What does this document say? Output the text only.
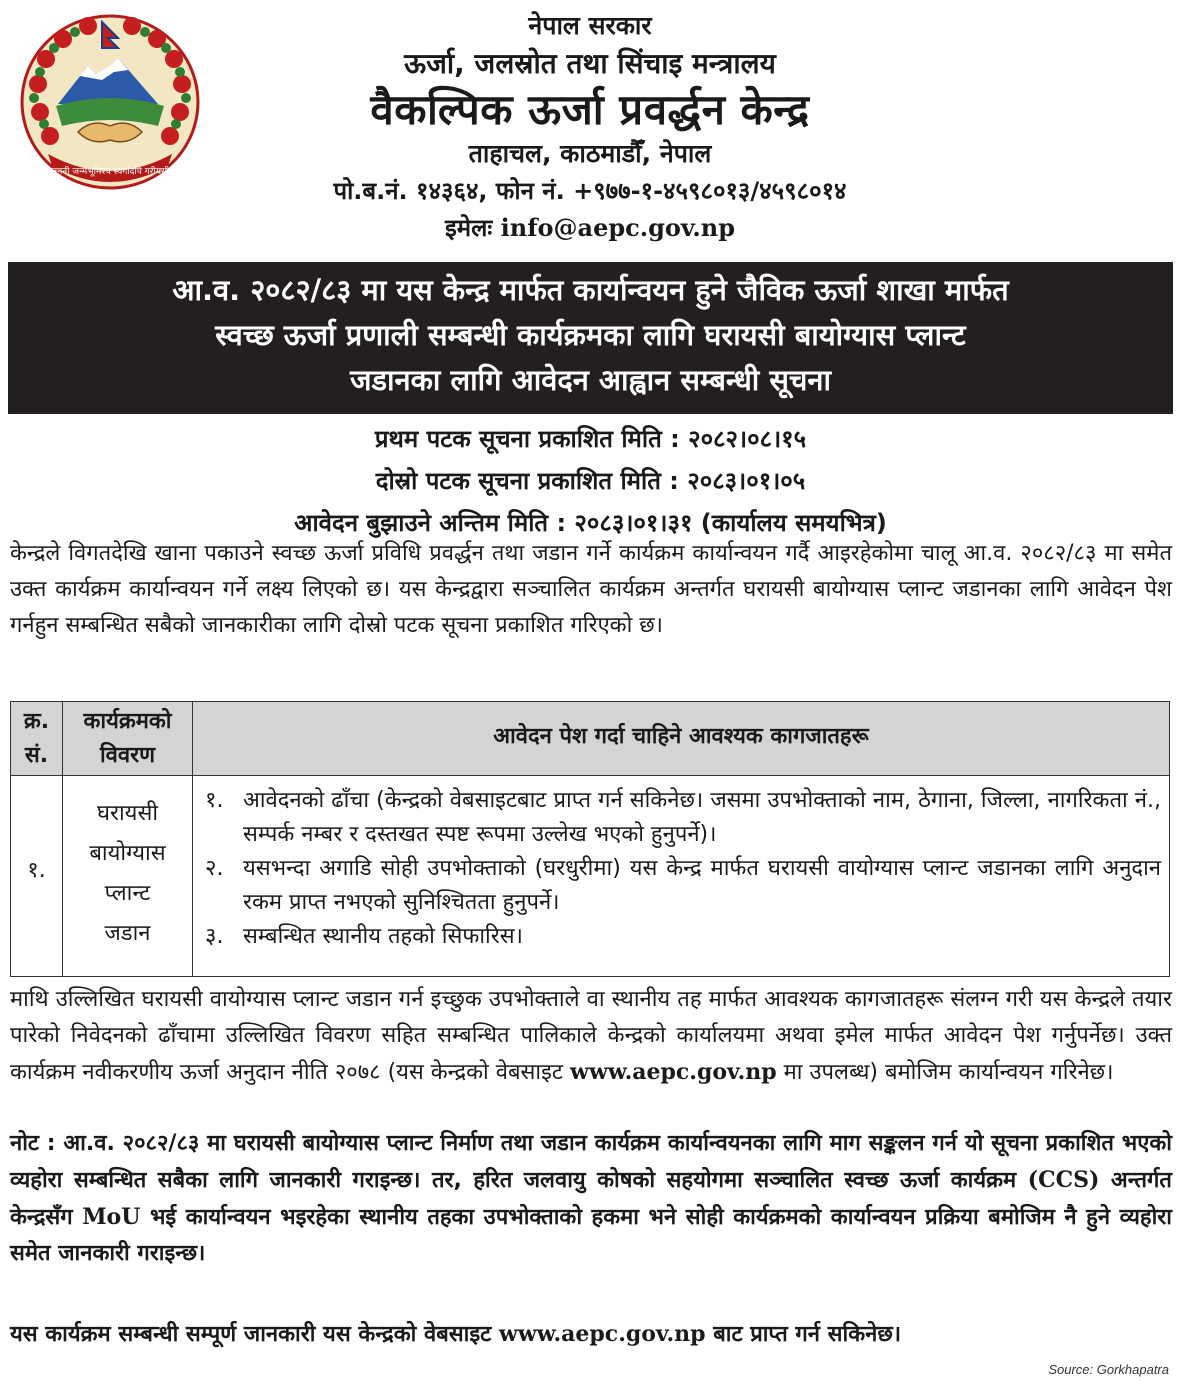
जननी जन्मभूमिश्च स्वर्गादपि गरीयसी
नेपाल सरकार
ऊर्जा, जलस्रोत तथा सिंचाइ मन्त्रालय
वैकल्पिक ऊर्जा प्रवर्द्धन केन्द्र
ताहाचल, काठमाडौँ, नेपाल
पो.ब.नं. १४३६४, फोन नं. +९७७-१-४५९८०१३/४५९८०१४
इमेलः info@aepc.gov.np
आ.व. २०८२/८३ मा यस केन्द्र मार्फत कार्यान्वयन हुने जैविक ऊर्जा शाखा मार्फत
स्वच्छ ऊर्जा प्रणाली सम्बन्धी कार्यक्रमका लागि घरायसी बायोग्यास प्लान्ट
जडानका लागि आवेदन आह्वान सम्बन्धी सूचना
प्रथम पटक सूचना प्रकाशित मिति : २०८२।०८।१५
दोस्रो पटक सूचना प्रकाशित मिति : २०८३।०१।०५
आवेदन बुझाउने अन्तिम मिति : २०८३।०१।३१ (कार्यालय समयभित्र)
केन्द्रले विगतदेखि खाना पकाउने स्वच्छ ऊर्जा प्रविधि प्रवर्द्धन तथा जडान गर्ने कार्यक्रम कार्यान्वयन गर्दै आइरहेकोमा चालू आ.व. २०८२/८३ मा समेत उक्त कार्यक्रम कार्यान्वयन गर्ने लक्ष्य लिएको छ। यस केन्द्रद्वारा सञ्चालित कार्यक्रम अन्तर्गत घरायसी बायोग्यास प्लान्ट जडानका लागि आवेदन पेश गर्नहुन सम्बन्धित सबैको जानकारीका लागि दोस्रो पटक सूचना प्रकाशित गरिएको छ।
क्र.
सं.
कार्यक्रमको
विवरण
आवेदन पेश गर्दा चाहिने आवश्यक कागजातहरू
१.
घरायसी
बायोग्यास
प्लान्ट
जडान
१. आवेदनको ढाँचा (केन्द्रको वेबसाइटबाट प्राप्त गर्न सकिनेछ। जसमा उपभोक्ताको नाम, ठेगाना, जिल्ला, नागरिकता नं., सम्पर्क नम्बर र दस्तखत स्पष्ट रूपमा उल्लेख भएको हुनुपर्ने)।
२. यसभन्दा अगाडि सोही उपभोक्ताको (घरधुरीमा) यस केन्द्र मार्फत घरायसी वायोग्यास प्लान्ट जडानका लागि अनुदान रकम प्राप्त नभएको सुनिश्चितता हुनुपर्ने।
३. सम्बन्धित स्थानीय तहको सिफारिस।
माथि उल्लिखित घरायसी वायोग्यास प्लान्ट जडान गर्न इच्छुक उपभोक्ताले वा स्थानीय तह मार्फत आवश्यक कागजातहरू संलग्न गरी यस केन्द्रले तयार पारेको निवेदनको ढाँचामा उल्लिखित विवरण सहित सम्बन्धित पालिकाले केन्द्रको कार्यालयमा अथवा इमेल मार्फत आवेदन पेश गर्नुपर्नेछ। उक्त कार्यक्रम नवीकरणीय ऊर्जा अनुदान नीति २०७८ (यस केन्द्रको वेबसाइट www.aepc.gov.np मा उपलब्ध) बमोजिम कार्यान्वयन गरिनेछ।
नोट : आ.व. २०८२/८३ मा घरायसी बायोग्यास प्लान्ट निर्माण तथा जडान कार्यक्रम कार्यान्वयनका लागि माग सङ्कलन गर्न यो सूचना प्रकाशित भएको व्यहोरा सम्बन्धित सबैका लागि जानकारी गराइन्छ। तर, हरित जलवायु कोषको सहयोगमा सञ्चालित स्वच्छ ऊर्जा कार्यक्रम (CCS) अन्तर्गत केन्द्रसँग MoU भई कार्यान्वयन भइरहेका स्थानीय तहका उपभोक्ताको हकमा भने सोही कार्यक्रमको कार्यान्वयन प्रक्रिया बमोजिम नै हुने व्यहोरा समेत जानकारी गराइन्छ।
यस कार्यक्रम सम्बन्धी सम्पूर्ण जानकारी यस केन्द्रको वेबसाइट www.aepc.gov.np बाट प्राप्त गर्न सकिनेछ।
Source: Gorkhapatra
